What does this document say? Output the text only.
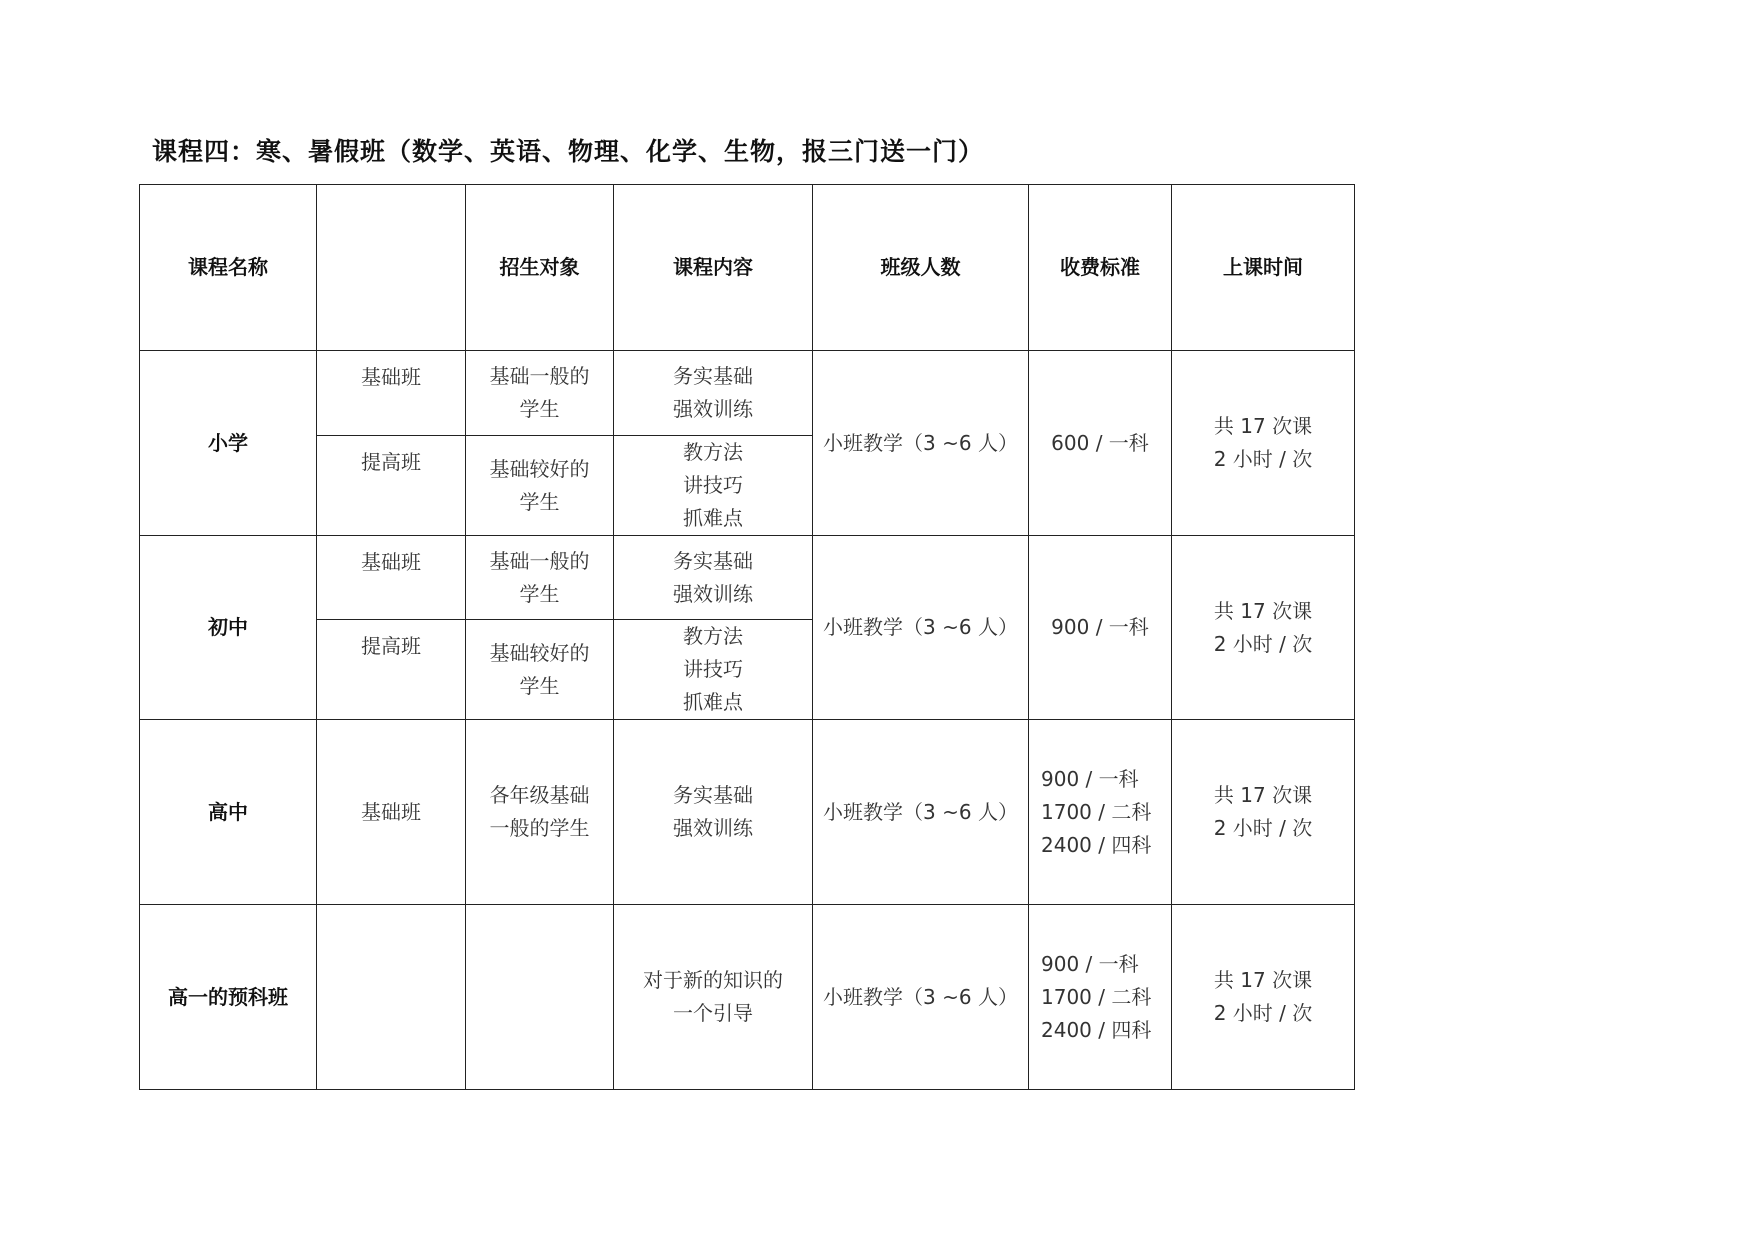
课程四：寒、暑假班（数学、英语、物理、化学、生物，报三门送一门）
课程名称		招生对象	课程内容	班级人数	收费标准	上课时间
小学	基础班	基础一般的
学生	务实基础
强效训练	小班教学（3 ~6 人）	600 / 一科	共 17 次课
2 小时 / 次

	提高班	基础较好的
学生	教方法
讲技巧
抓难点			

初中	基础班	基础一般的
学生	务实基础
强效训练	小班教学（3 ~6 人）	900 / 一科	共 17 次课
2 小时 / 次

	提高班	基础较好的
学生	教方法
讲技巧
抓难点			

高中	基础班	各年级基础
一般的学生	务实基础
强效训练	小班教学（3 ~6 人）	900 / 一科
1700 / 二科
2400 / 四科	共 17 次课
2 小时 / 次

高一的预科班			对于新的知识的
一个引导	小班教学（3 ~6 人）	900 / 一科
1700 / 二科
2400 / 四科	共 17 次课
2 小时 / 次
